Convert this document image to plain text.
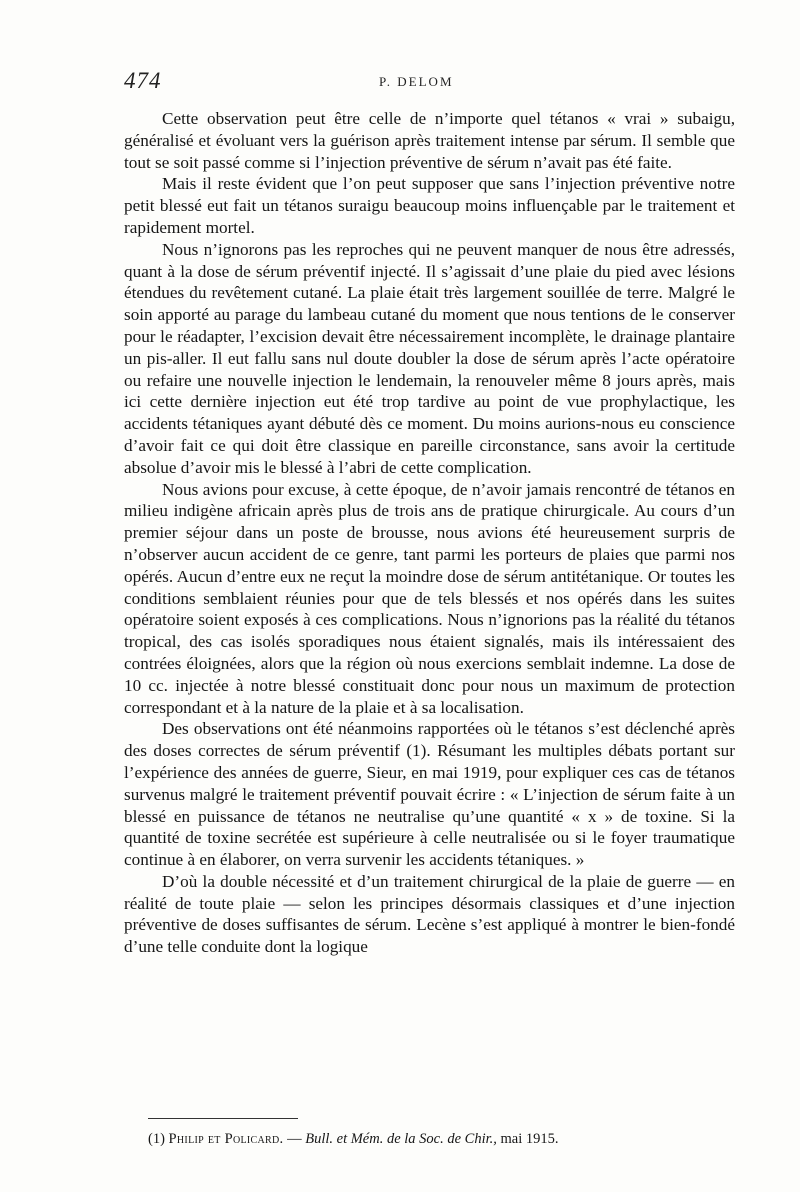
474	P. DELOM

Cette observation peut être celle de n’importe quel tétanos « vrai » subaigu, généralisé et évoluant vers la guérison après traitement intense par sérum. Il semble que tout se soit passé comme si l’injection préventive de sérum n’avait pas été faite.

Mais il reste évident que l’on peut supposer que sans l’injection préventive notre petit blessé eut fait un tétanos suraigu beaucoup moins influençable par le traitement et rapidement mortel.

Nous n’ignorons pas les reproches qui ne peuvent manquer de nous être adressés, quant à la dose de sérum préventif injecté. Il s’agissait d’une plaie du pied avec lésions étendues du revêtement cutané. La plaie était très largement souillée de terre. Malgré le soin apporté au parage du lambeau cutané du moment que nous tentions de le conserver pour le réadapter, l’excision devait être nécessairement incomplète, le drainage plantaire un pis-aller. Il eut fallu sans nul doute doubler la dose de sérum après l’acte opératoire ou refaire une nouvelle injection le lendemain, la renouveler même 8 jours après, mais ici cette dernière injection eut été trop tardive au point de vue prophylactique, les accidents tétaniques ayant débuté dès ce moment. Du moins aurions-nous eu conscience d’avoir fait ce qui doit être classique en pareille circonstance, sans avoir la certitude absolue d’avoir mis le blessé à l’abri de cette complication.

Nous avions pour excuse, à cette époque, de n’avoir jamais rencontré de tétanos en milieu indigène africain après plus de trois ans de pratique chirurgicale. Au cours d’un premier séjour dans un poste de brousse, nous avions été heureusement surpris de n’observer aucun accident de ce genre, tant parmi les porteurs de plaies que parmi nos opérés. Aucun d’entre eux ne reçut la moindre dose de sérum antitétanique. Or toutes les conditions semblaient réunies pour que de tels blessés et nos opérés dans les suites opératoire soient exposés à ces complications. Nous n’ignorions pas la réalité du tétanos tropical, des cas isolés sporadiques nous étaient signalés, mais ils intéressaient des contrées éloignées, alors que la région où nous exercions semblait indemne. La dose de 10 cc. injectée à notre blessé constituait donc pour nous un maximum de protection correspondant et à la nature de la plaie et à sa localisation.

Des observations ont été néanmoins rapportées où le tétanos s’est déclenché après des doses correctes de sérum préventif (1). Résumant les multiples débats portant sur l’expérience des années de guerre, Sieur, en mai 1919, pour expliquer ces cas de tétanos survenus malgré le traitement préventif pouvait écrire : « L’injection de sérum faite à un blessé en puissance de tétanos ne neutralise qu’une quantité « x » de toxine. Si la quantité de toxine secrétée est supérieure à celle neutralisée ou si le foyer traumatique continue à en élaborer, on verra survenir les accidents tétaniques. »

D’où la double nécessité et d’un traitement chirurgical de la plaie de guerre — en réalité de toute plaie — selon les principes désormais classiques et d’une injection préventive de doses suffisantes de sérum. Lecène s’est appliqué à montrer le bien-fondé d’une telle conduite dont la logique

(1) Philip et Policard. — Bull. et Mém. de la Soc. de Chir., mai 1915.
